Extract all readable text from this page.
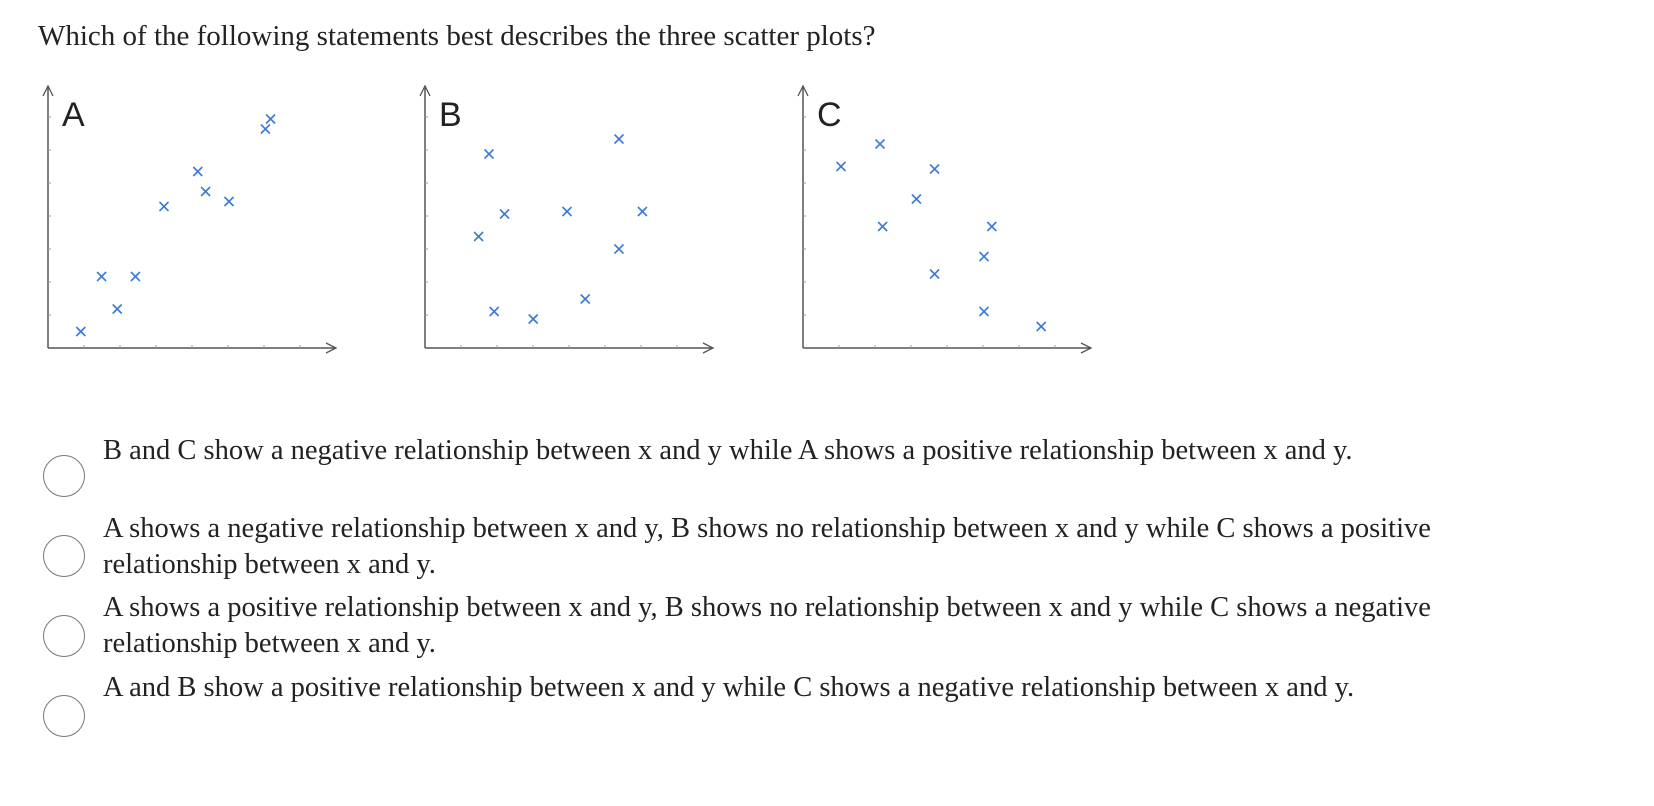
Which of the following statements best describes the three scatter plots?
A	B	C
B and C show a negative relationship between x and y while A shows a positive relationship between x and y.
A shows a negative relationship between x and y, B shows no relationship between x and y while C shows a positive relationship between x and y.
A shows a positive relationship between x and y, B shows no relationship between x and y while C shows a negative relationship between x and y.
A and B show a positive relationship between x and y while C shows a negative relationship between x and y.
